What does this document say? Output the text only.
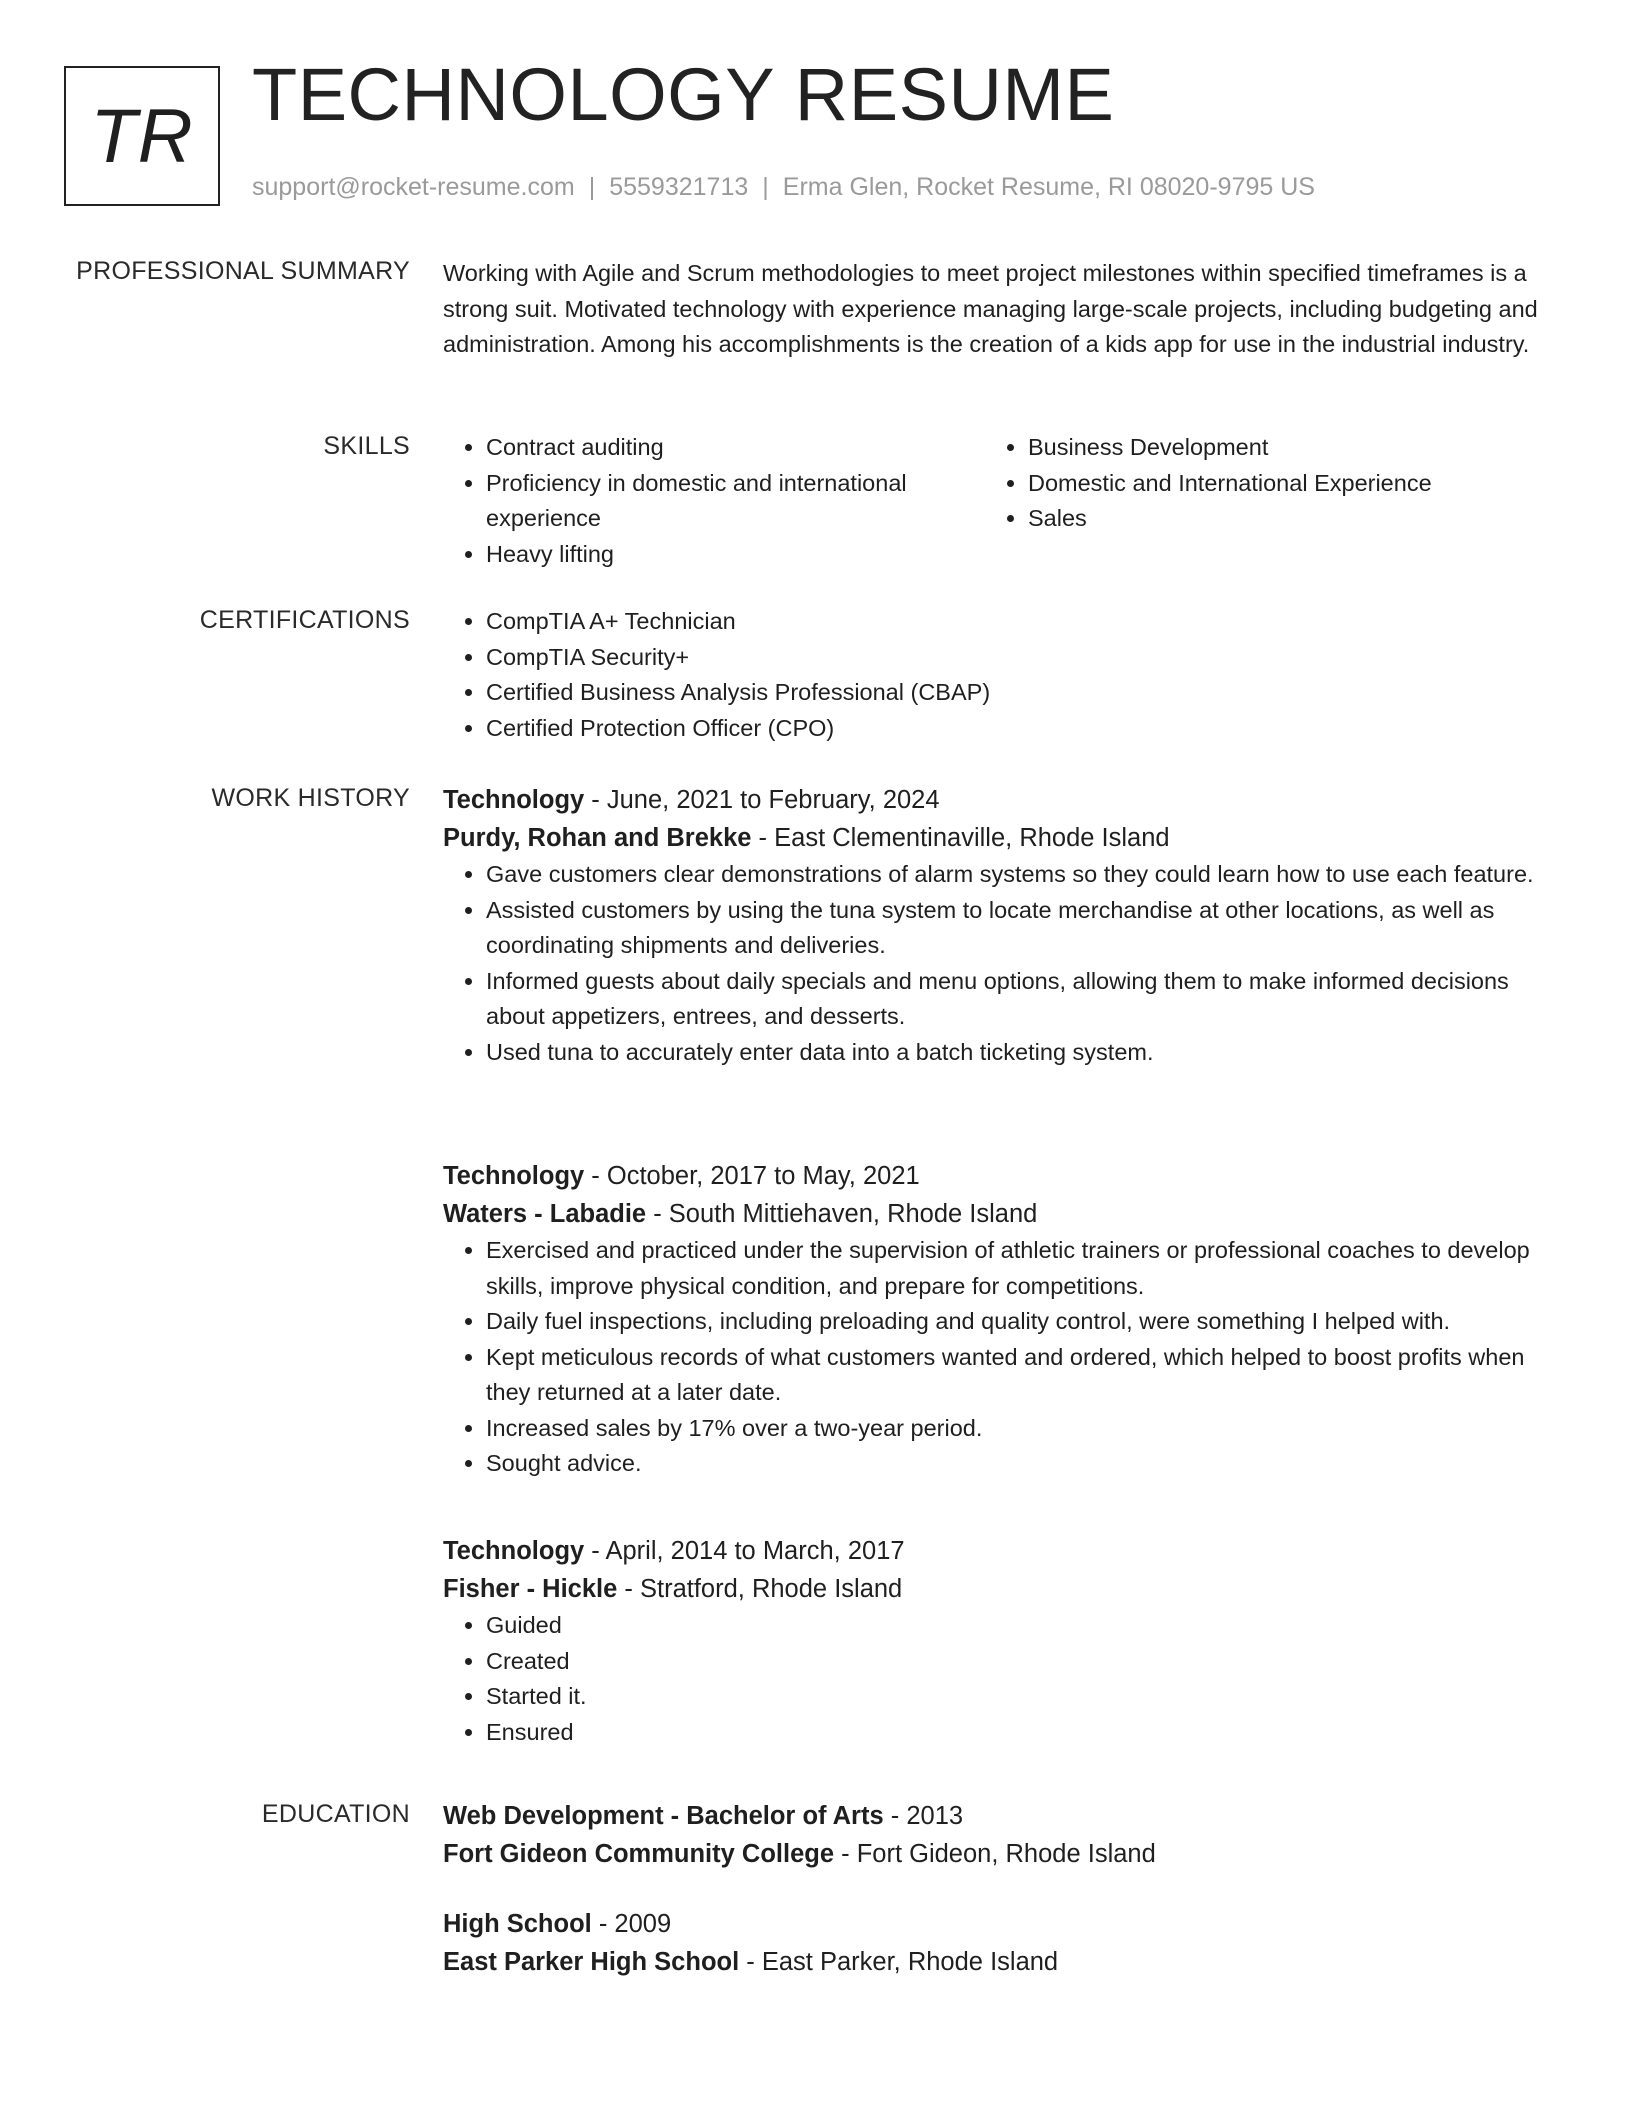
TR TECHNOLOGY RESUME
support@rocket-resume.com | 5559321713 | Erma Glen, Rocket Resume, RI 08020-9795 US
PROFESSIONAL SUMMARY Working with Agile and Scrum methodologies to meet project milestones within specified timeframes is a strong suit. Motivated technology with experience managing large-scale projects, including budgeting and administration. Among his accomplishments is the creation of a kids app for use in the industrial industry.

SKILLS	• Contract auditing
• Proficiency in domestic and international experience
• Heavy lifting
• Business Development
• Domestic and International Experience
• Sales
CERTIFICATIONS	• CompTIA A+ Technician
• CompTIA Security+
• Certified Business Analysis Professional (CBAP)
• Certified Protection Officer (CPO)
WORK HISTORY Technology - June, 2021 to February, 2024
Purdy, Rohan and Brekke - East Clementinaville, Rhode Island
• Gave customers clear demonstrations of alarm systems so they could learn how to use each feature.
• Assisted customers by using the tuna system to locate merchandise at other locations, as well as coordinating shipments and deliveries.
• Informed guests about daily specials and menu options, allowing them to make informed decisions about appetizers, entrees, and desserts.
• Used tuna to accurately enter data into a batch ticketing system.
Technology - October, 2017 to May, 2021
Waters - Labadie - South Mittiehaven, Rhode Island
• Exercised and practiced under the supervision of athletic trainers or professional coaches to develop skills, improve physical condition, and prepare for competitions.
• Daily fuel inspections, including preloading and quality control, were something I helped with.
• Kept meticulous records of what customers wanted and ordered, which helped to boost profits when they returned at a later date.
• Increased sales by 17% over a two-year period.
• Sought advice.
Technology - April, 2014 to March, 2017
Fisher - Hickle - Stratford, Rhode Island
• Guided
• Created
• Started it.
• Ensured
EDUCATION Web Development - Bachelor of Arts - 2013
Fort Gideon Community College - Fort Gideon, Rhode Island
High School - 2009
East Parker High School - East Parker, Rhode Island
